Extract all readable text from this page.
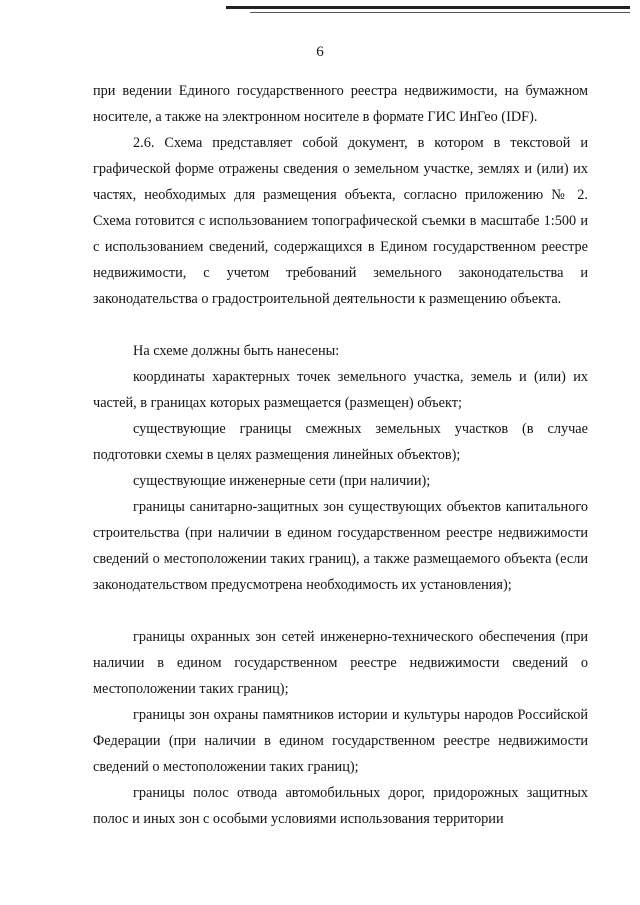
6

при ведении Единого государственного реестра недвижимости, на бумажном носителе, а также на электронном носителе в формате ГИС ИнГео (IDF).

2.6. Схема представляет собой документ, в котором в текстовой и графической форме отражены сведения о земельном участке, землях и (или) их частях, необходимых для размещения объекта, согласно приложению № 2. Схема готовится с использованием топографической съемки в масштабе 1:500 и с использованием сведений, содержащихся в Едином государственном реестре недвижимости, с учетом требований земельного законодательства и законодательства о градостроительной деятельности к размещению объекта.

На схеме должны быть нанесены:

координаты характерных точек земельного участка, земель и (или) их частей, в границах которых размещается (размещен) объект;

существующие границы смежных земельных участков (в случае подготовки схемы в целях размещения линейных объектов);

существующие инженерные сети (при наличии);

границы санитарно-защитных зон существующих объектов капитального строительства (при наличии в едином государственном реестре недвижимости сведений о местоположении таких границ), а также размещаемого объекта (если законодательством предусмотрена необходимость их установления);

границы охранных зон сетей инженерно-технического обеспечения (при наличии в едином государственном реестре недвижимости сведений о местоположении таких границ);

границы зон охраны памятников истории и культуры народов Российской Федерации (при наличии в едином государственном реестре недвижимости сведений о местоположении таких границ);

границы полос отвода автомобильных дорог, придорожных защитных полос и иных зон с особыми условиями использования территории
